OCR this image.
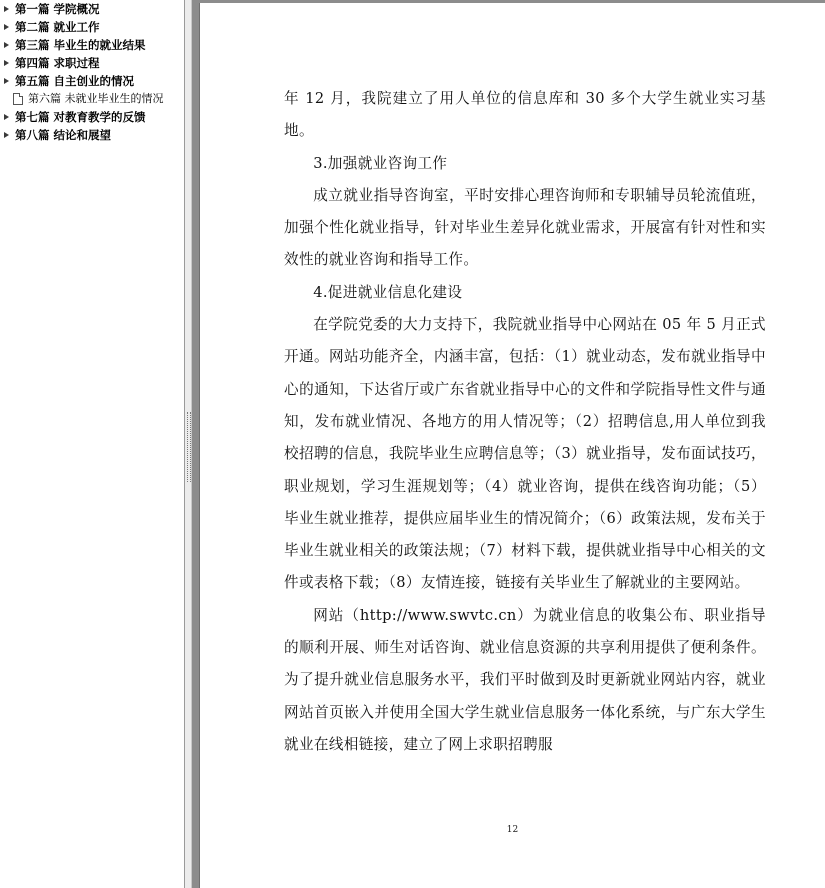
第一篇 学院概况
第二篇 就业工作
第三篇 毕业生的就业结果
第四篇 求职过程
第五篇 自主创业的情况
第六篇 未就业毕业生的情况
第七篇 对教育教学的反馈
第八篇 结论和展望

年 12 月，我院建立了用人单位的信息库和 30 多个大学生就业实习基地。

3.加强就业咨询工作

成立就业指导咨询室，平时安排心理咨询师和专职辅导员轮流值班，加强个性化就业指导，针对毕业生差异化就业需求，开展富有针对性和实效性的就业咨询和指导工作。

4.促进就业信息化建设

在学院党委的大力支持下，我院就业指导中心网站在 05 年 5 月正式开通。网站功能齐全，内涵丰富，包括：（1）就业动态，发布就业指导中心的通知，下达省厅或广东省就业指导中心的文件和学院指导性文件与通知，发布就业情况、各地方的用人情况等；（2）招聘信息,用人单位到我校招聘的信息，我院毕业生应聘信息等；（3）就业指导，发布面试技巧，职业规划，学习生涯规划等；（4）就业咨询，提供在线咨询功能；（5）毕业生就业推荐，提供应届毕业生的情况简介；（6）政策法规，发布关于毕业生就业相关的政策法规；（7）材料下载，提供就业指导中心相关的文件或表格下载；（8）友情连接，链接有关毕业生了解就业的主要网站。

网站（http://www.swvtc.cn）为就业信息的收集公布、职业指导的顺利开展、师生对话咨询、就业信息资源的共享利用提供了便利条件。为了提升就业信息服务水平，我们平时做到及时更新就业网站内容，就业网站首页嵌入并使用全国大学生就业信息服务一体化系统，与广东大学生就业在线相链接，建立了网上求职招聘服

12
